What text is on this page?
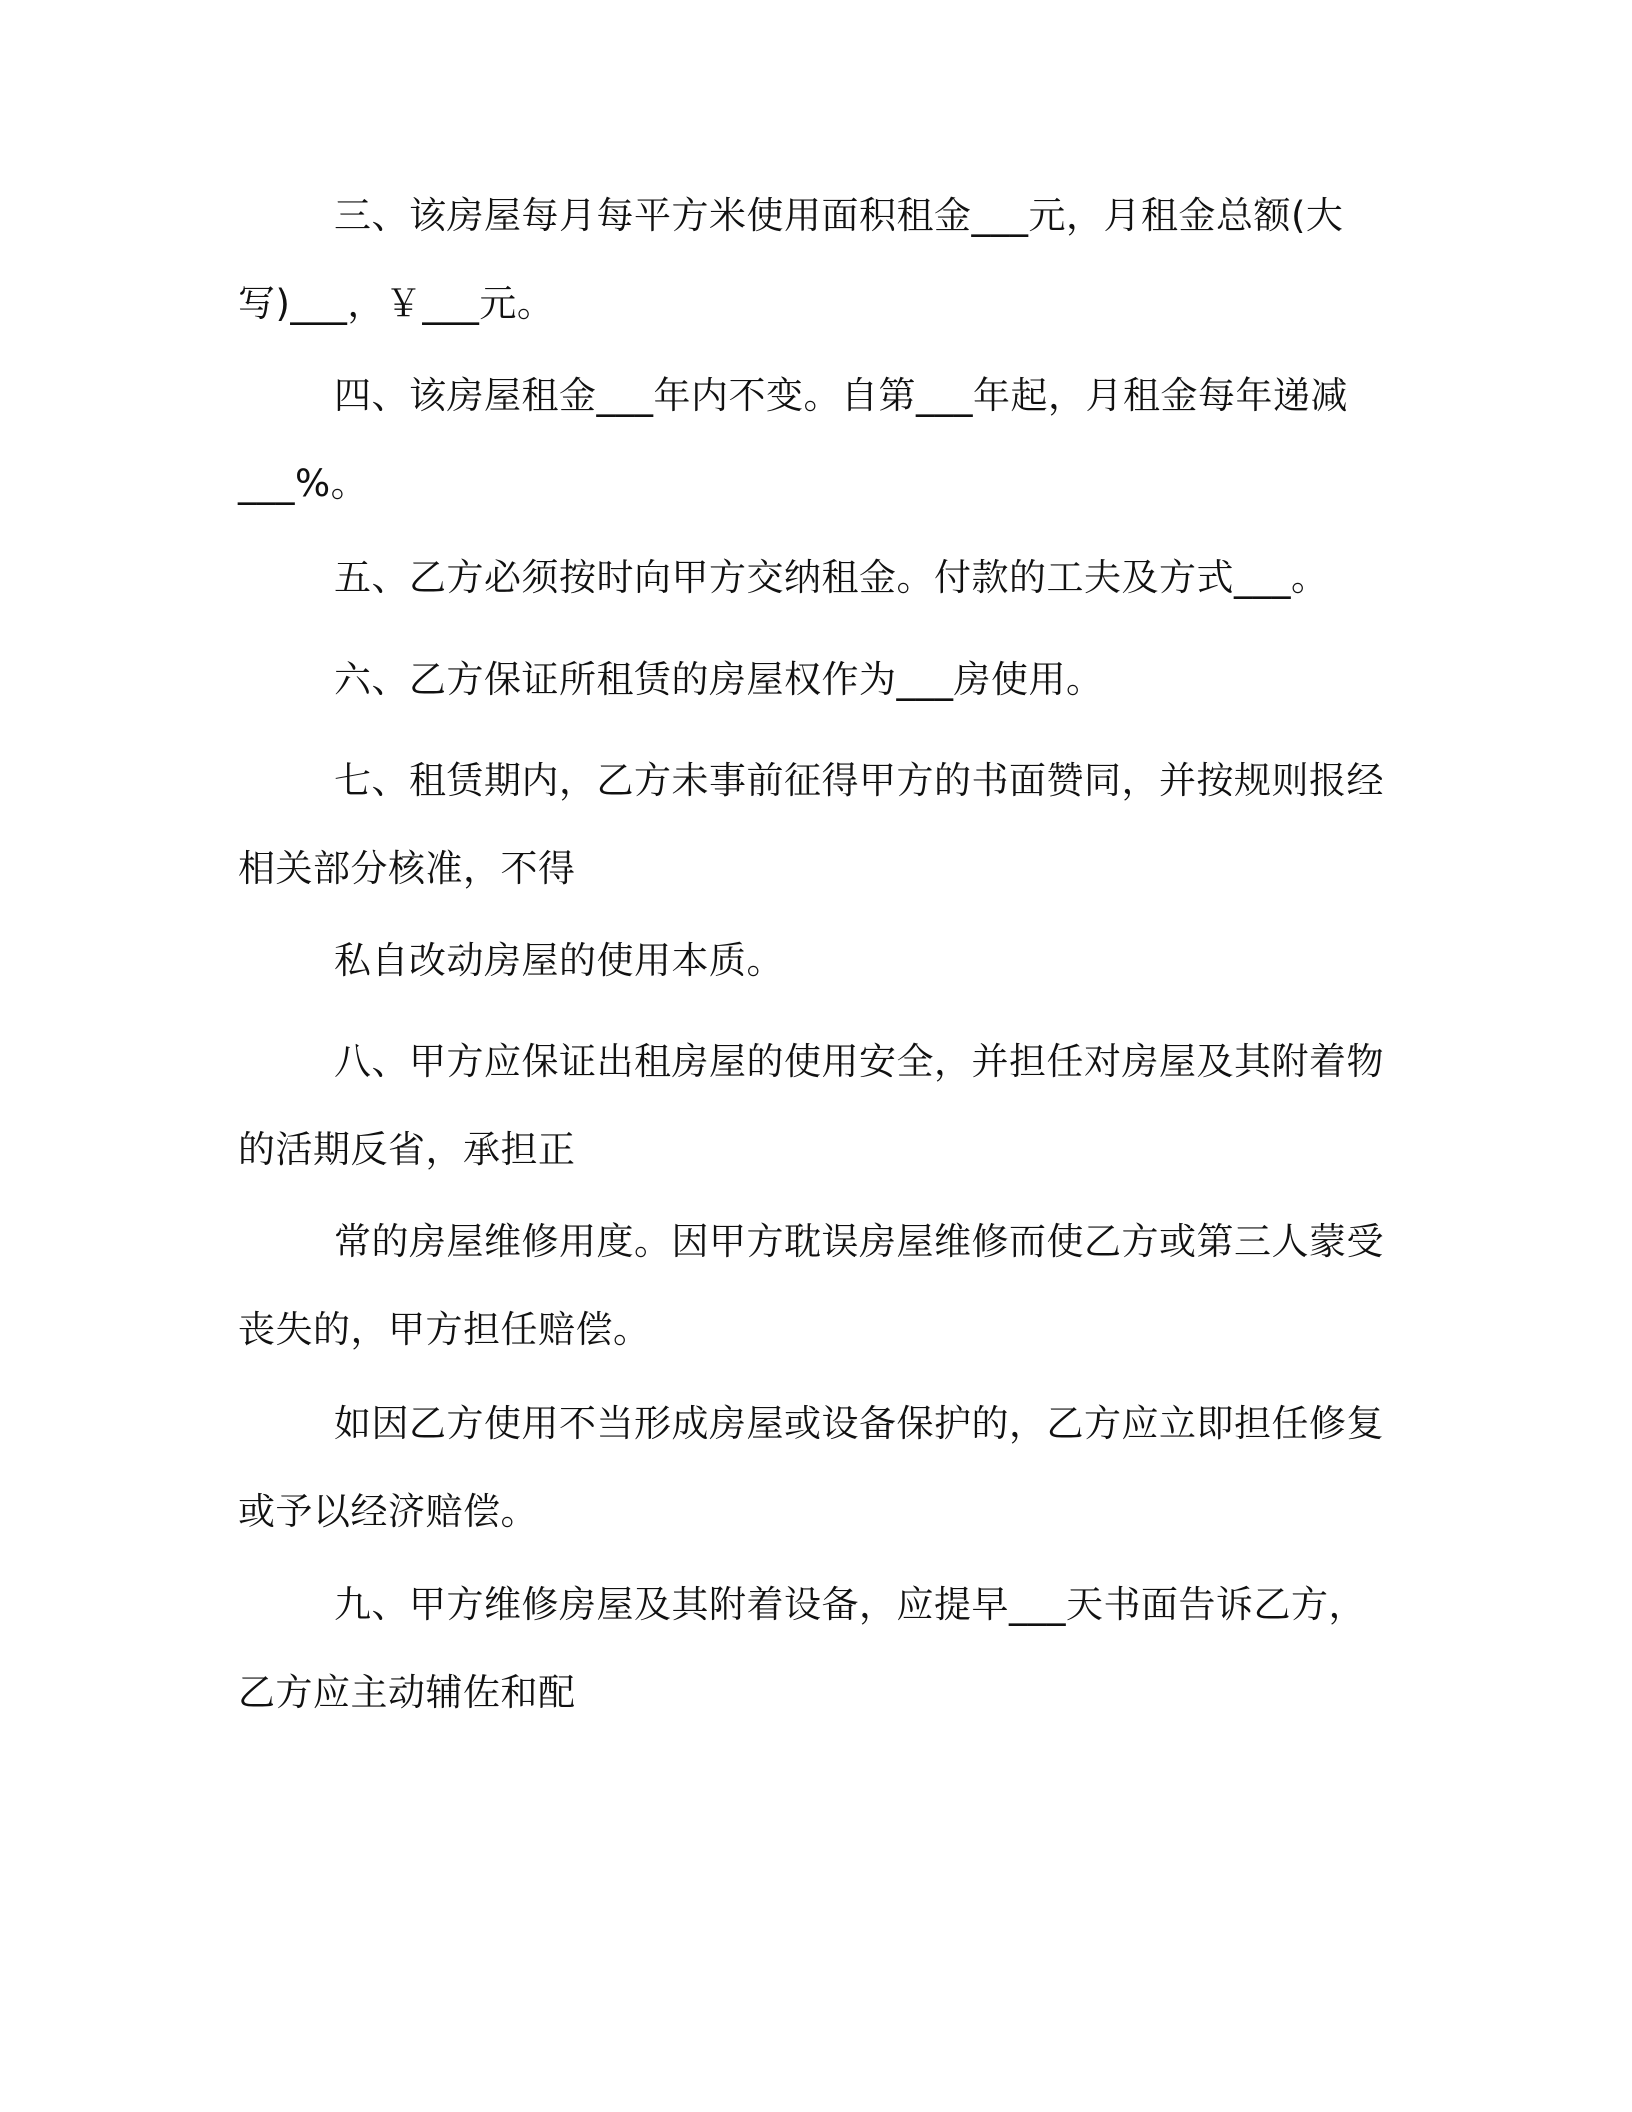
三、该房屋每月每平方米使用面积租金___元，月租金总额(大
写)___，￥___元。
四、该房屋租金___年内不变。自第___年起，月租金每年递减
___%。
五、乙方必须按时向甲方交纳租金。付款的工夫及方式___。
六、乙方保证所租赁的房屋权作为___房使用。
七、租赁期内，乙方未事前征得甲方的书面赞同，并按规则报经
相关部分核准，不得
私自改动房屋的使用本质。
八、甲方应保证出租房屋的使用安全，并担任对房屋及其附着物
的活期反省，承担正
常的房屋维修用度。因甲方耽误房屋维修而使乙方或第三人蒙受
丧失的，甲方担任赔偿。
如因乙方使用不当形成房屋或设备保护的，乙方应立即担任修复
或予以经济赔偿。
九、甲方维修房屋及其附着设备，应提早___天书面告诉乙方，
乙方应主动辅佐和配
